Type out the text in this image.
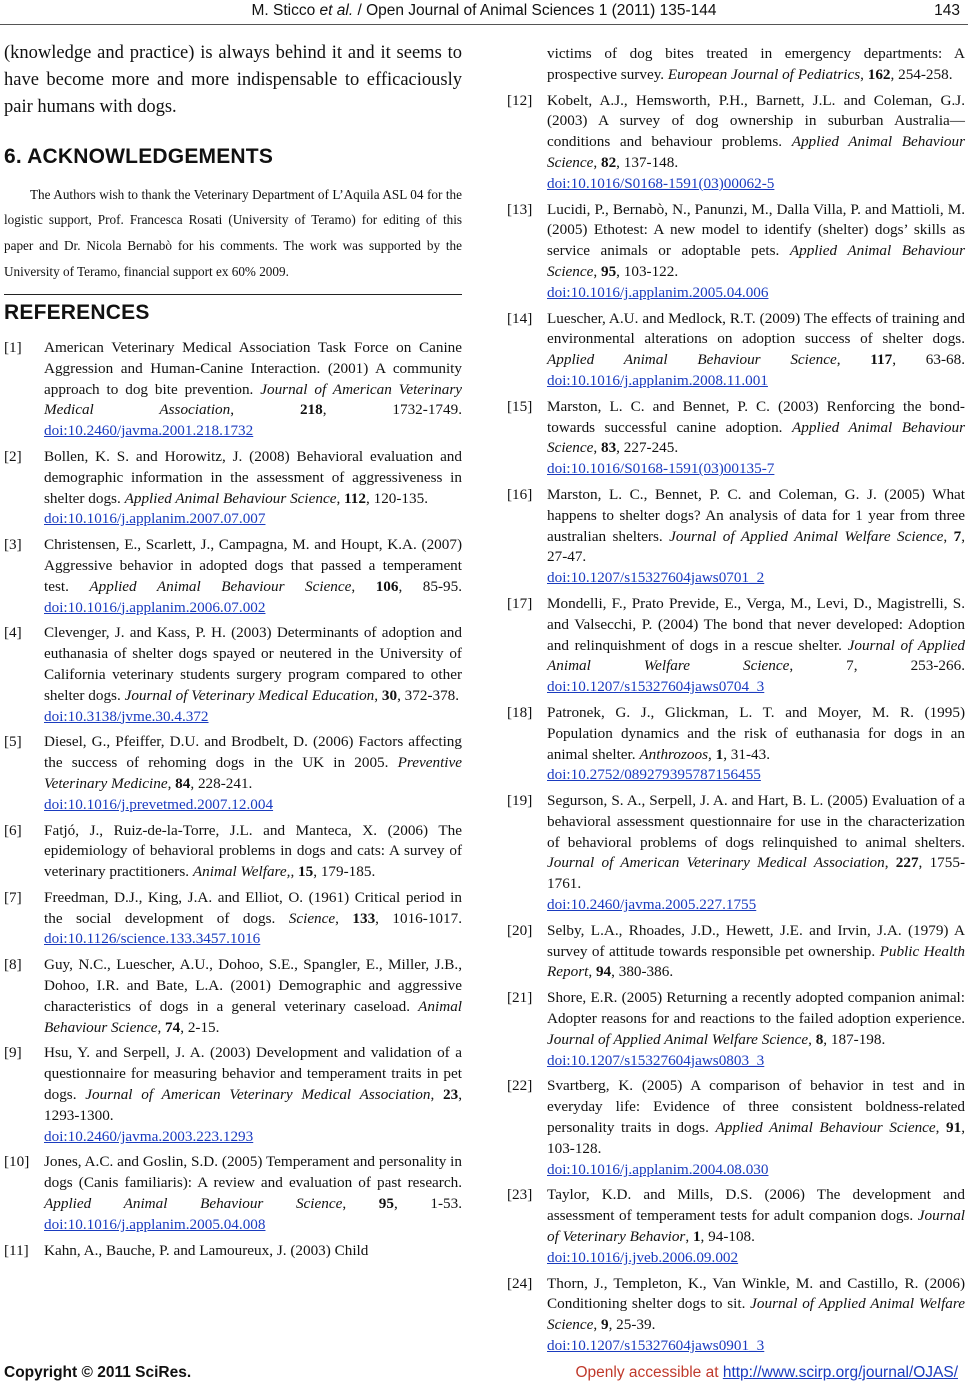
M. Sticco et al. / Open Journal of Animal Sciences 1 (2011) 135-144	143

(knowledge and practice) is always behind it and it seems to have become more and more indispensable to efficaciously pair humans with dogs.

6. ACKNOWLEDGEMENTS

The Authors wish to thank the Veterinary Department of L’Aquila ASL 04 for the logistic support, Prof. Francesca Rosati (University of Teramo) for editing of this paper and Dr. Nicola Bernabò for his comments. The work was supported by the University of Teramo, financial support ex 60% 2009.

REFERENCES
[1]	American Veterinary Medical Association Task Force on Canine Aggression and Human-Canine Interaction. (2001) A community approach to dog bite prevention. Journal of American Veterinary Medical Association, 218, 1732-1749. doi:10.2460/javma.2001.218.1732
[2]	Bollen, K. S. and Horowitz, J. (2008) Behavioral evaluation and demographic information in the assessment of aggressiveness in shelter dogs. Applied Animal Behaviour Science, 112, 120-135.
doi:10.1016/j.applanim.2007.07.007
[3]	Christensen, E., Scarlett, J., Campagna, M. and Houpt, K.A. (2007) Aggressive behavior in adopted dogs that passed a temperament test. Applied Animal Behaviour Science, 106, 85-95. doi:10.1016/j.applanim.2006.07.002
[4]	Clevenger, J. and Kass, P. H. (2003) Determinants of adoption and euthanasia of shelter dogs spayed or neutered in the University of California veterinary students surgery program compared to other shelter dogs. Journal of Veterinary Medical Education, 30, 372-378.
doi:10.3138/jvme.30.4.372
[5]	Diesel, G., Pfeiffer, D.U. and Brodbelt, D. (2006) Factors affecting the success of rehoming dogs in the UK in 2005. Preventive Veterinary Medicine, 84, 228-241.
doi:10.1016/j.prevetmed.2007.12.004
[6]	Fatjó, J., Ruiz-de-la-Torre, J.L. and Manteca, X. (2006) The epidemiology of behavioral problems in dogs and cats: A survey of veterinary practitioners. Animal Welfare,, 15, 179-185.
[7]	Freedman, D.J., King, J.A. and Elliot, O. (1961) Critical period in the social development of dogs. Science, 133, 1016-1017. doi:10.1126/science.133.3457.1016
[8]	Guy, N.C., Luescher, A.U., Dohoo, S.E., Spangler, E., Miller, J.B., Dohoo, I.R. and Bate, L.A. (2001) Demographic and aggressive characteristics of dogs in a general veterinary caseload. Animal Behaviour Science, 74, 2-15.
[9]	Hsu, Y. and Serpell, J. A. (2003) Development and validation of a questionnaire for measuring behavior and temperament traits in pet dogs. Journal of American Veterinary Medical Association, 23, 1293-1300.
doi:10.2460/javma.2003.223.1293
[10] Jones, A.C. and Goslin, S.D. (2005) Temperament and personality in dogs (Canis familiaris): A review and evaluation of past research. Applied Animal Behaviour Science, 95, 1-53. doi:10.1016/j.applanim.2005.04.008
[11]	Kahn, A., Bauche, P. and Lamoureux, J. (2003) Child
victims of dog bites treated in emergency departments: A prospective survey. European Journal of Pediatrics, 162, 254-258.
[12] Kobelt, A.J., Hemsworth, P.H., Barnett, J.L. and Coleman, G.J. (2003) A survey of dog ownership in suburban Australia—conditions and behaviour problems. Applied Animal Behaviour Science, 82, 137-148.
doi:10.1016/S0168-1591(03)00062-5
[13] Lucidi, P., Bernabò, N., Panunzi, M., Dalla Villa, P. and Mattioli, M. (2005) Ethotest: A new model to identify (shelter) dogs’ skills as service animals or adoptable pets. Applied Animal Behaviour Science, 95, 103-122.
doi:10.1016/j.applanim.2005.04.006
[14] Luescher, A.U. and Medlock, R.T. (2009) The effects of training and environmental alterations on adoption success of shelter dogs. Applied Animal Behaviour Science, 117, 63-68. doi:10.1016/j.applanim.2008.11.001
[15] Marston, L. C. and Bennet, P. C. (2003) Renforcing the bond-towards successful canine adoption. Applied Animal Behaviour Science, 83, 227-245.
doi:10.1016/S0168-1591(03)00135-7
[16] Marston, L. C., Bennet, P. C. and Coleman, G. J. (2005) What happens to shelter dogs? An analysis of data for 1 year from three australian shelters. Journal of Applied Animal Welfare Science, 7, 27-47.
doi:10.1207/s15327604jaws0701_2
[17] Mondelli, F., Prato Previde, E., Verga, M., Levi, D., Magistrelli, S. and Valsecchi, P. (2004) The bond that never developed: Adoption and relinquishment of dogs in a rescue shelter. Journal of Applied Animal Welfare Science, 7, 253-266. doi:10.1207/s15327604jaws0704_3
[18] Patronek, G. J., Glickman, L. T. and Moyer, M. R. (1995) Population dynamics and the risk of euthanasia for dogs in an animal shelter. Anthrozoos, 1, 31-43.
doi:10.2752/089279395787156455
[19] Segurson, S. A., Serpell, J. A. and Hart, B. L. (2005) Evaluation of a behavioral assessment questionnaire for use in the characterization of behavioral problems of dogs relinquished to animal shelters. Journal of American Veterinary Medical Association, 227, 1755-1761.
doi:10.2460/javma.2005.227.1755
[20] Selby, L.A., Rhoades, J.D., Hewett, J.E. and Irvin, J.A. (1979) A survey of attitude towards responsible pet ownership. Public Health Report, 94, 380-386.
[21] Shore, E.R. (2005) Returning a recently adopted companion animal: Adopter reasons for and reactions to the failed adoption experience. Journal of Applied Animal Welfare Science, 8, 187-198.
doi:10.1207/s15327604jaws0803_3
[22] Svartberg, K. (2005) A comparison of behavior in test and in everyday life: Evidence of three consistent boldness-related personality traits in dogs. Applied Animal Behaviour Science, 91, 103-128.
doi:10.1016/j.applanim.2004.08.030
[23] Taylor, K.D. and Mills, D.S. (2006) The development and assessment of temperament tests for adult companion dogs. Journal of Veterinary Behavior, 1, 94-108.
doi:10.1016/j.jveb.2006.09.002
[24] Thorn, J., Templeton, K., Van Winkle, M. and Castillo, R. (2006) Conditioning shelter dogs to sit. Journal of Applied Animal Welfare Science, 9, 25-39.
doi:10.1207/s15327604jaws0901_3
Copyright © 2011 SciRes.	Openly accessible at http://www.scirp.org/journal/OJAS/
